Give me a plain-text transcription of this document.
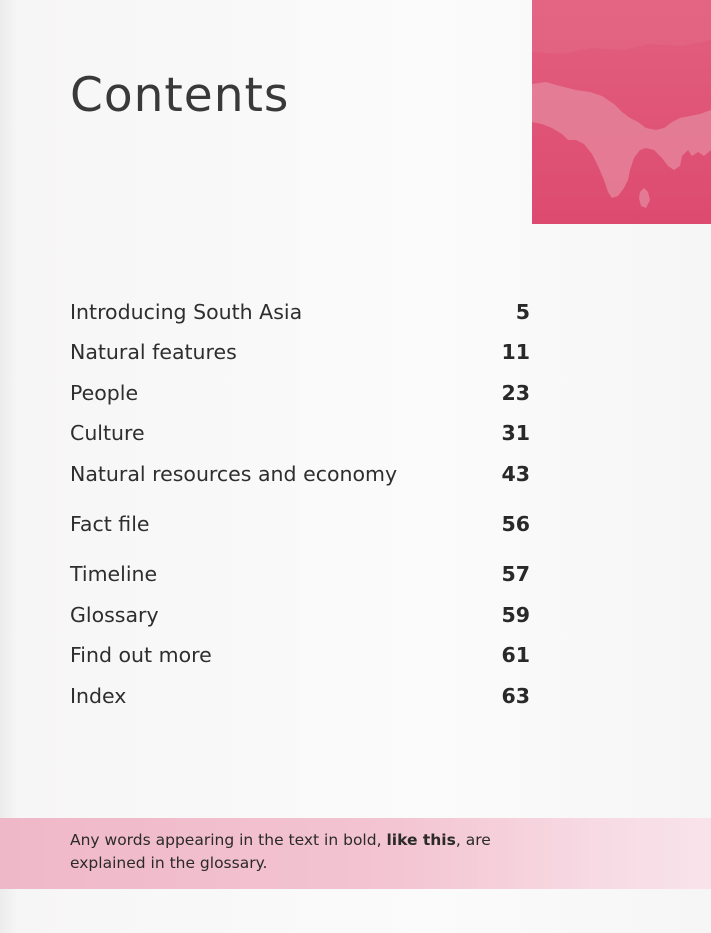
Contents
Introducing South Asia	5
Natural features	11
People	23
Culture	31
Natural resources and economy	43
Fact file	56
Timeline	57
Glossary	59
Find out more	61
Index	63
Any words appearing in the text in bold, like this, are explained in the glossary.
